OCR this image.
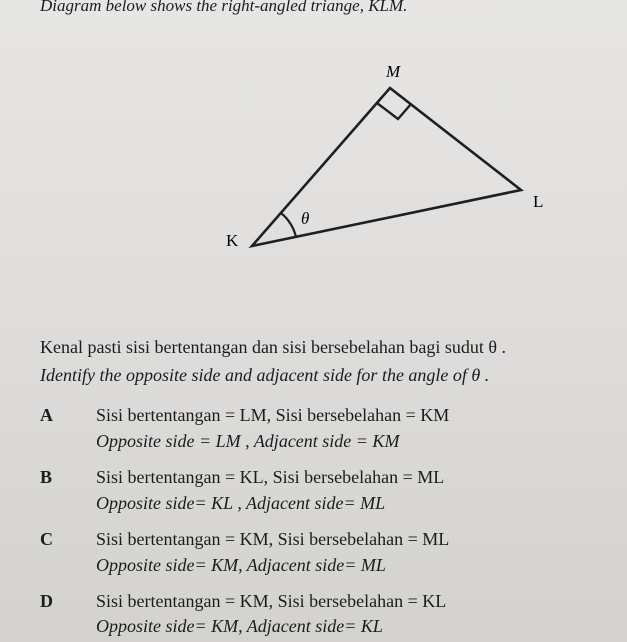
Diagram below shows the right-angled triange, KLM.
M
L
K
θ
Kenal pasti sisi bertentangan dan sisi bersebelahan bagi sudut θ .
Identify the opposite side and adjacent side for the angle of θ .
A Sisi bertentangan = LM, Sisi bersebelahan = KM
Opposite side = LM , Adjacent side = KM
B Sisi bertentangan = KL, Sisi bersebelahan = ML
Opposite side= KL , Adjacent side= ML
C Sisi bertentangan = KM, Sisi bersebelahan = ML
Opposite side= KM, Adjacent side= ML
D Sisi bertentangan = KM, Sisi bersebelahan = KL
Opposite side= KM, Adjacent side= KL
